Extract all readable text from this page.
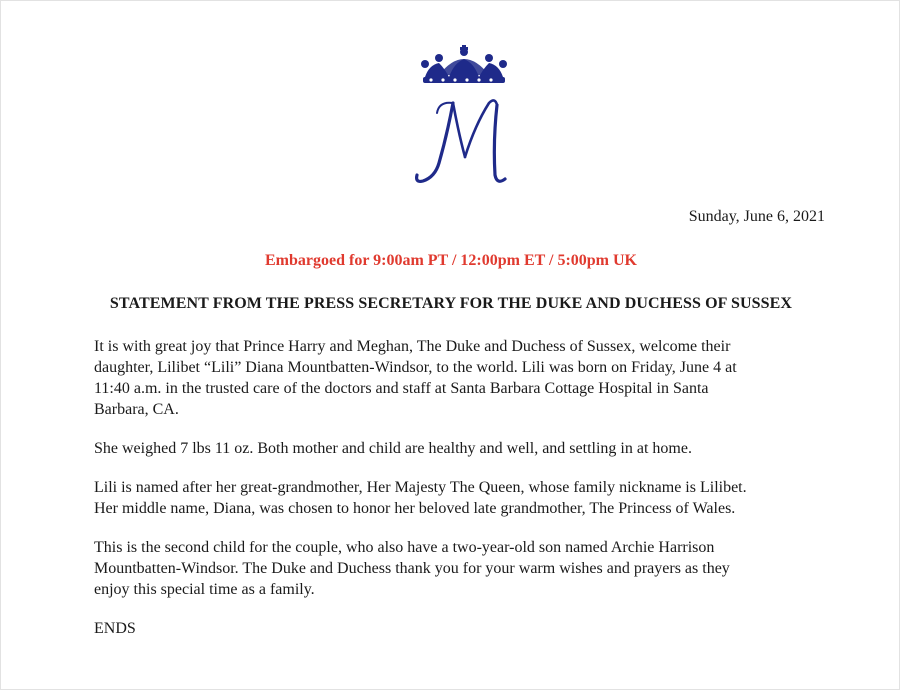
Sunday, June 6, 2021

Embargoed for 9:00am PT / 12:00pm ET / 5:00pm UK

STATEMENT FROM THE PRESS SECRETARY FOR THE DUKE AND DUCHESS OF SUSSEX

It is with great joy that Prince Harry and Meghan, The Duke and Duchess of Sussex, welcome their
daughter, Lilibet “Lili” Diana Mountbatten-Windsor, to the world. Lili was born on Friday, June 4 at
11:40 a.m. in the trusted care of the doctors and staff at Santa Barbara Cottage Hospital in Santa
Barbara, CA.

She weighed 7 lbs 11 oz. Both mother and child are healthy and well, and settling in at home.

Lili is named after her great-grandmother, Her Majesty The Queen, whose family nickname is Lilibet.
Her middle name, Diana, was chosen to honor her beloved late grandmother, The Princess of Wales.

This is the second child for the couple, who also have a two-year-old son named Archie Harrison
Mountbatten-Windsor. The Duke and Duchess thank you for your warm wishes and prayers as they
enjoy this special time as a family.

ENDS
